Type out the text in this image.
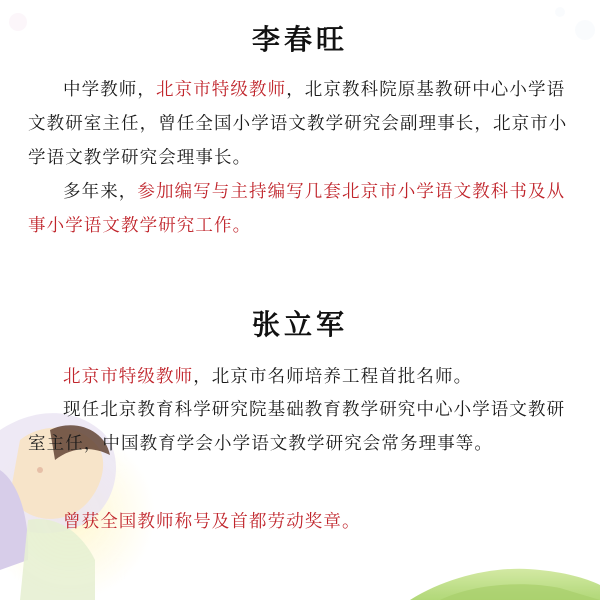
李春旺

中学教师，北京市特级教师，北京教科院原基教研中心小学语文教研室主任，曾任全国小学语文教学研究会副理事长，北京市小学语文教学研究会理事长。

多年来，参加编写与主持编写几套北京市小学语文教科书及从事小学语文教学研究工作。

张立军

北京市特级教师，北京市名师培养工程首批名师。

现任北京教育科学研究院基础教育教学研究中心小学语文教研室主任，中国教育学会小学语文教学研究会常务理事等。

曾获全国教师称号及首都劳动奖章。
